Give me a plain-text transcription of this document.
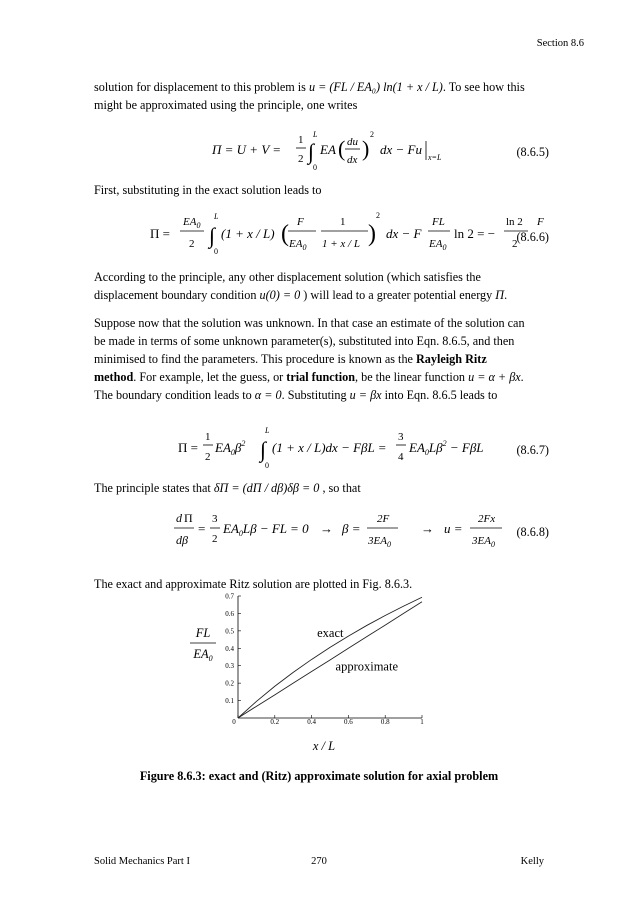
Section 8.6
solution for displacement to this problem is u = (FL / EA₀) ln(1 + x / L). To see how this
might be approximated using the principle, one writes
Π = U + V =
1
2 ∫
L
0
EA ( du
dx )
2
dx − Fu
x=L	(8.6.5)
First, substituting in the exact solution leads to
Π =
$EA_0$
2 ∫
L
0
(1 + x / L) ( F
$EA_0$
1
1 + x / L )
2
dx − F
FL
$EA_0$
ln 2 = −
ln 2
2
F
(8.6.6)
According to the principle, any other displacement solution (which satisfies the
displacement boundary condition u(0) = 0 ) will lead to a greater potential energy Π.
Suppose now that the solution was unknown. In that case an estimate of the solution can
be made in terms of some unknown parameter(s), substituted into Eqn. 8.6.5, and then
minimised to find the parameters. This procedure is known as the Rayleigh Ritz
method. For example, let the guess, or trial function, be the linear function u = α + βx.
The boundary condition leads to α = 0. Substituting u = βx into Eqn. 8.6.5 leads to
Π =
1
2
$EA_0\beta^2$ ∫
L
0
(1 + x / L)dx − FβL =
3
4
$EA_0L\beta^2 - F\beta L$	(8.6.7)
The principle states that δΠ = (dΠ / dβ)δβ = 0 , so that
d Π
dβ
=
3
2
$EA_0L\beta$ − FL = 0 → β =
2F
$3EA_0$
→ u =
2Fx
$3EA_0$
(8.6.8)
The exact and approximate Ritz solution are plotted in Fig. 8.6.3.
FL
$EA_0$
x / L
0	0.2	0.4	0.6	0.8	1
0.1
0.2
0.3
0.4
0.5
0.6
0.7
exact
approximate
Figure 8.6.3: exact and (Ritz) approximate solution for axial problem
Solid Mechanics Part I	270	Kelly
